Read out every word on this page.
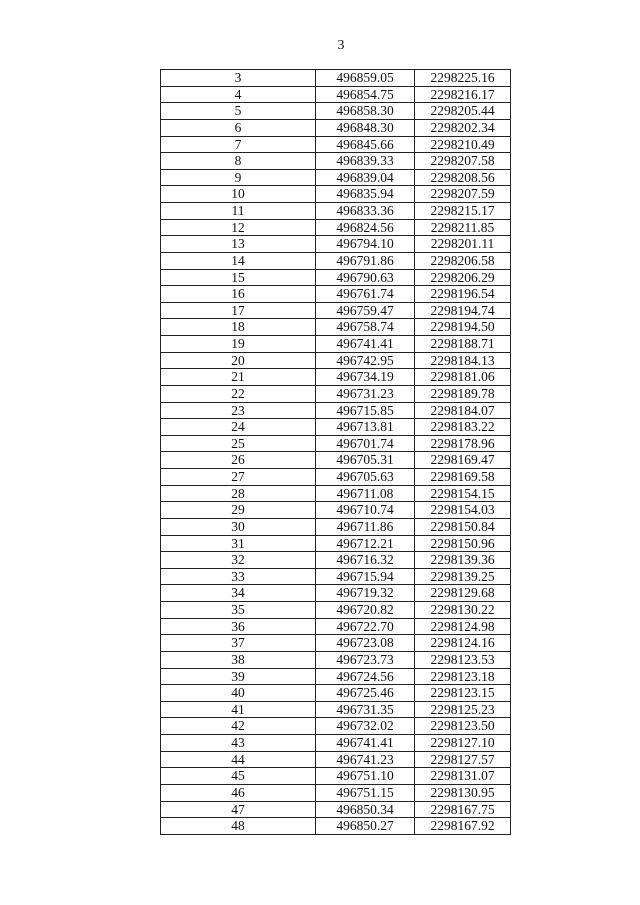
3
3	496859.05	2298225.16
4	496854.75	2298216.17
5	496858.30	2298205.44
6	496848.30	2298202.34
7	496845.66	2298210.49
8	496839.33	2298207.58
9	496839.04	2298208.56
10	496835.94	2298207.59
11	496833.36	2298215.17
12	496824.56	2298211.85
13	496794.10	2298201.11
14	496791.86	2298206.58
15	496790.63	2298206.29
16	496761.74	2298196.54
17	496759.47	2298194.74
18	496758.74	2298194.50
19	496741.41	2298188.71
20	496742.95	2298184.13
21	496734.19	2298181.06
22	496731.23	2298189.78
23	496715.85	2298184.07
24	496713.81	2298183.22
25	496701.74	2298178.96
26	496705.31	2298169.47
27	496705.63	2298169.58
28	496711.08	2298154.15
29	496710.74	2298154.03
30	496711.86	2298150.84
31	496712.21	2298150.96
32	496716.32	2298139.36
33	496715.94	2298139.25
34	496719.32	2298129.68
35	496720.82	2298130.22
36	496722.70	2298124.98
37	496723.08	2298124.16
38	496723.73	2298123.53
39	496724.56	2298123.18
40	496725.46	2298123.15
41	496731.35	2298125.23
42	496732.02	2298123.50
43	496741.41	2298127.10
44	496741.23	2298127.57
45	496751.10	2298131.07
46	496751.15	2298130.95
47	496850.34	2298167.75
48	496850.27	2298167.92
